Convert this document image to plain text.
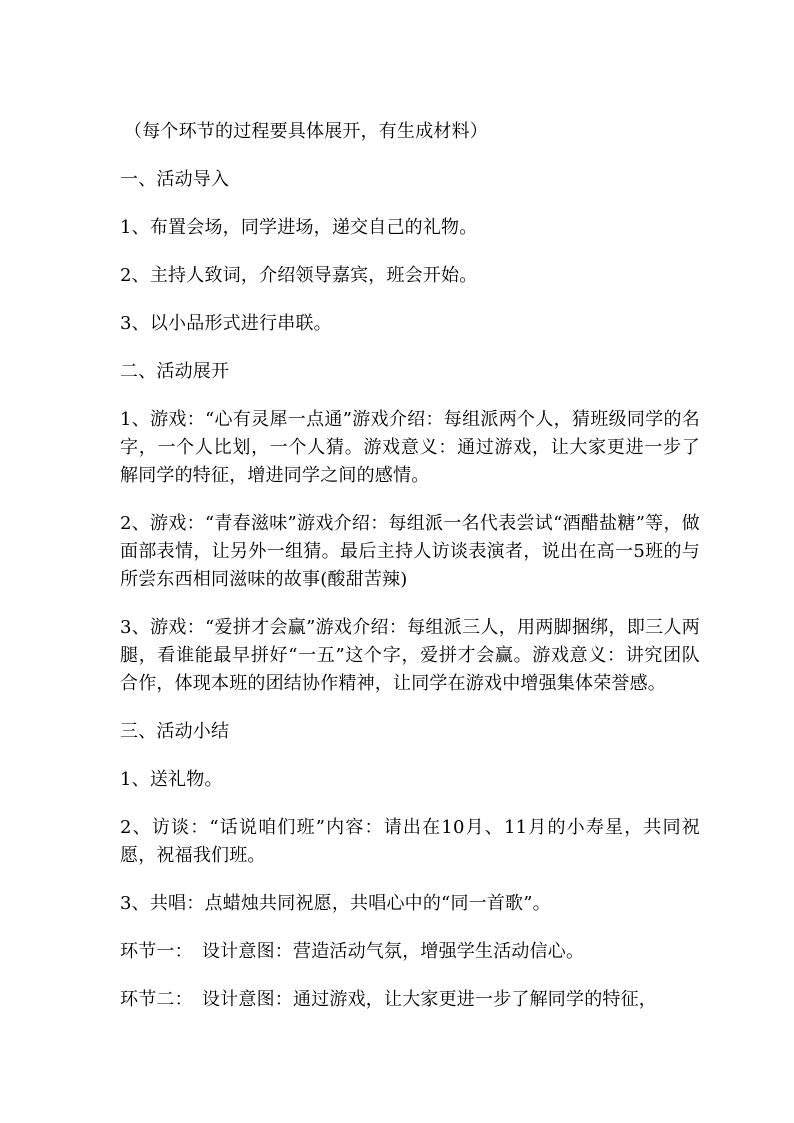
（每个环节的过程要具体展开，有生成材料）

一、活动导入

1、布置会场，同学进场，递交自己的礼物。

2、主持人致词，介绍领导嘉宾，班会开始。

3、以小品形式进行串联。

二、活动展开

1、游戏：“心有灵犀一点通”游戏介绍：每组派两个人，猜班级同学的名字，一个人比划，一个人猜。游戏意义：通过游戏，让大家更进一步了解同学的特征，增进同学之间的感情。

2、游戏：“青春滋味”游戏介绍：每组派一名代表尝试“酒醋盐糖”等，做面部表情，让另外一组猜。最后主持人访谈表演者，说出在高一5班的与所尝东西相同滋味的故事(酸甜苦辣)

3、游戏：“爱拼才会赢”游戏介绍：每组派三人，用两脚捆绑，即三人两腿，看谁能最早拼好“一五”这个字，爱拼才会赢。游戏意义：讲究团队合作，体现本班的团结协作精神，让同学在游戏中增强集体荣誉感。

三、活动小结

1、送礼物。

2、访谈：“话说咱们班”内容：请出在10月、11月的小寿星，共同祝愿，祝福我们班。

3、共唱：点蜡烛共同祝愿，共唱心中的“同一首歌”。

环节一：　设计意图：营造活动气氛，增强学生活动信心。

环节二：　设计意图：通过游戏，让大家更进一步了解同学的特征，
